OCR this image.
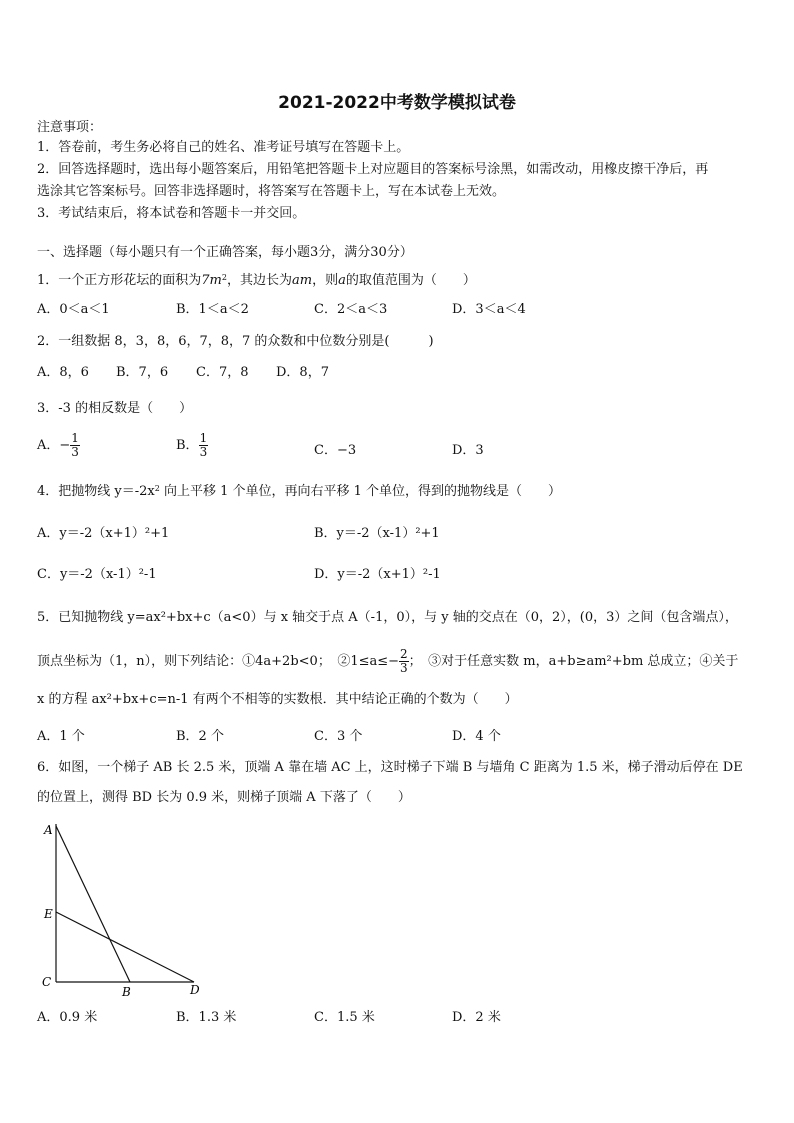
2021-2022中考数学模拟试卷
注意事项：
1．答卷前，考生务必将自己的姓名、准考证号填写在答题卡上。
2．回答选择题时，选出每小题答案后，用铅笔把答题卡上对应题目的答案标号涂黑，如需改动，用橡皮擦干净后，再
选涂其它答案标号。回答非选择题时，将答案写在答题卡上，写在本试卷上无效。
3．考试结束后，将本试卷和答题卡一并交回。
一、选择题（每小题只有一个正确答案，每小题3分，满分30分）
1．一个正方形花坛的面积为$7m^2$，其边长为am，则a的取值范围为（　　）
A．0＜a＜1	B．1＜a＜2	C．2＜a＜3	D．3＜a＜4
2．一组数据 8，3，8，6，7，8，7 的众数和中位数分别是(　　　)
A．8，6 B．7，6 C．7，8 D．8，7
3．-3 的相反数是（　　）
A．− $\frac{1}{3}$	B． $\frac{1}{3}$	C．−3	D．3
4．把抛物线 $y=-2x^2$ 向上平移 1 个单位，再向右平移 1 个单位，得到的抛物线是（　　）
A．y＝-2（x+1）²+1	B．y＝-2（x-1）²+1
C．y＝-2（x-1）²-1	D．y＝-2（x+1）²-1
5．已知抛物线 y=ax²+bx+c（a<0）与 x 轴交于点 A（-1，0），与 y 轴的交点在（0，2），(0，3）之间（包含端点），
顶点坐标为（1，n），则下列结论：①4a+2b<0；　②1≤a≤− $\frac{2}{3}$ ；　③对于任意实数 m，a+b≥am²+bm 总成立；④关于
x 的方程 ax²+bx+c=n-1 有两个不相等的实数根．其中结论正确的个数为（　　）
A．1 个	B．2 个	C．3 个	D．4 个
6．如图，一个梯子 AB 长 2.5 米，顶端 A 靠在墙 AC 上，这时梯子下端 B 与墙角 C 距离为 1.5 米，梯子滑动后停在 DE
的位置上，测得 BD 长为 0.9 米，则梯子顶端 A 下落了（　　）
A
E
C
B	D
A．0.9 米	B．1.3 米	C．1.5 米	D．2 米
